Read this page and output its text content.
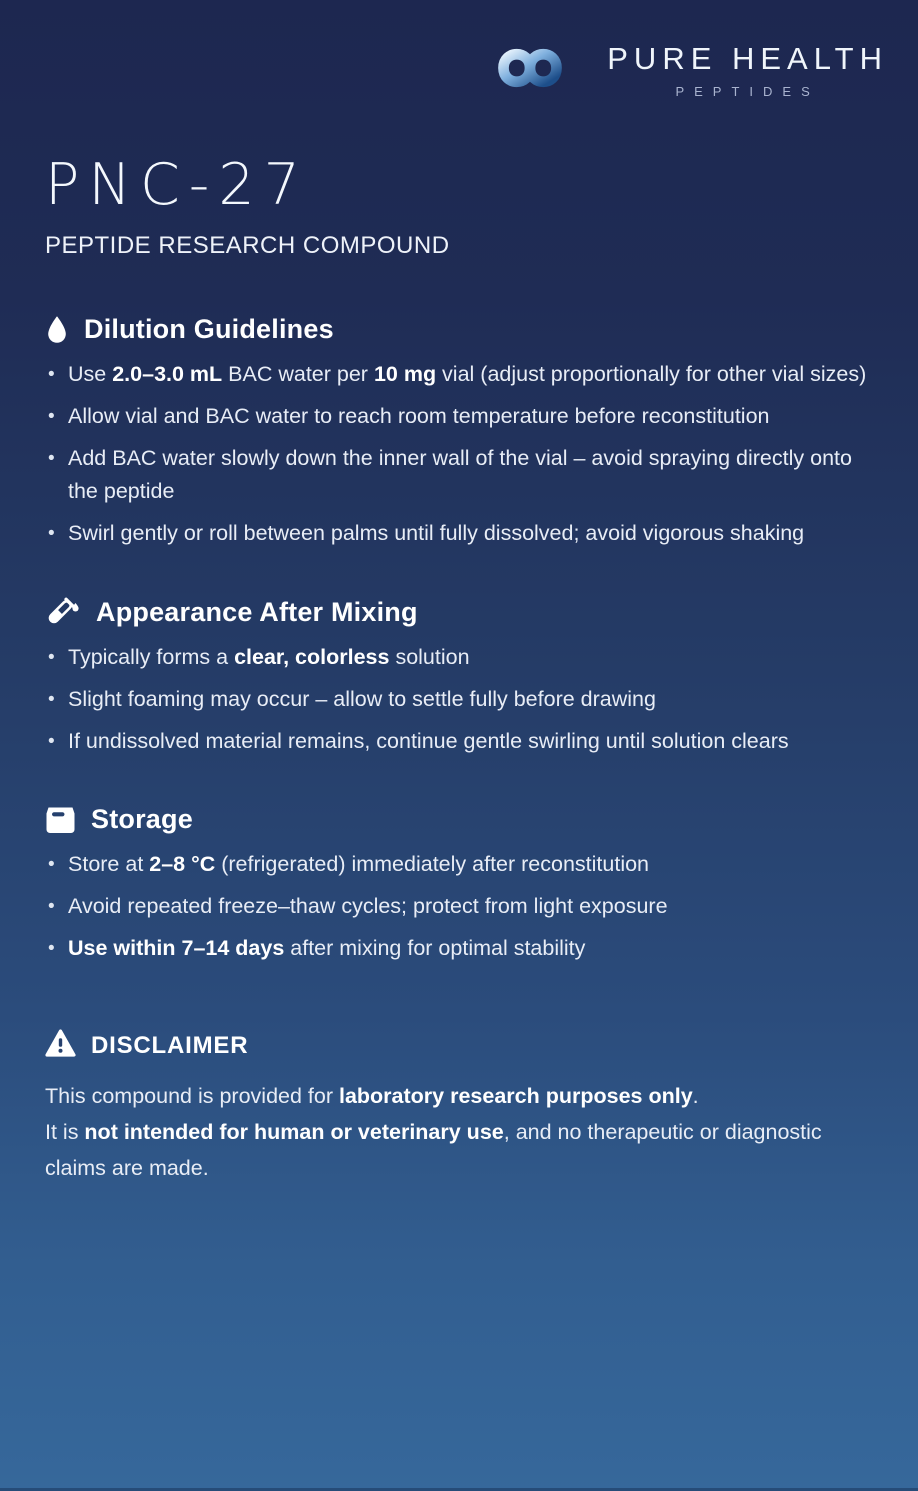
PURE HEALTH
PEPTIDES
PNC-27
PEPTIDE RESEARCH COMPOUND
Dilution Guidelines
• Use 2.0–3.0 mL BAC water per 10 mg vial (adjust proportionally for other vial sizes)
• Allow vial and BAC water to reach room temperature before reconstitution
• Add BAC water slowly down the inner wall of the vial – avoid spraying directly onto the peptide
• Swirl gently or roll between palms until fully dissolved; avoid vigorous shaking
Appearance After Mixing
• Typically forms a clear, colorless solution
• Slight foaming may occur – allow to settle fully before drawing
• If undissolved material remains, continue gentle swirling until solution clears
Storage
• Store at 2–8 °C (refrigerated) immediately after reconstitution
• Avoid repeated freeze–thaw cycles; protect from light exposure
• Use within 7–14 days after mixing for optimal stability
DISCLAIMER

This compound is provided for laboratory research purposes only.
It is not intended for human or veterinary use, and no therapeutic or diagnostic claims are made.
